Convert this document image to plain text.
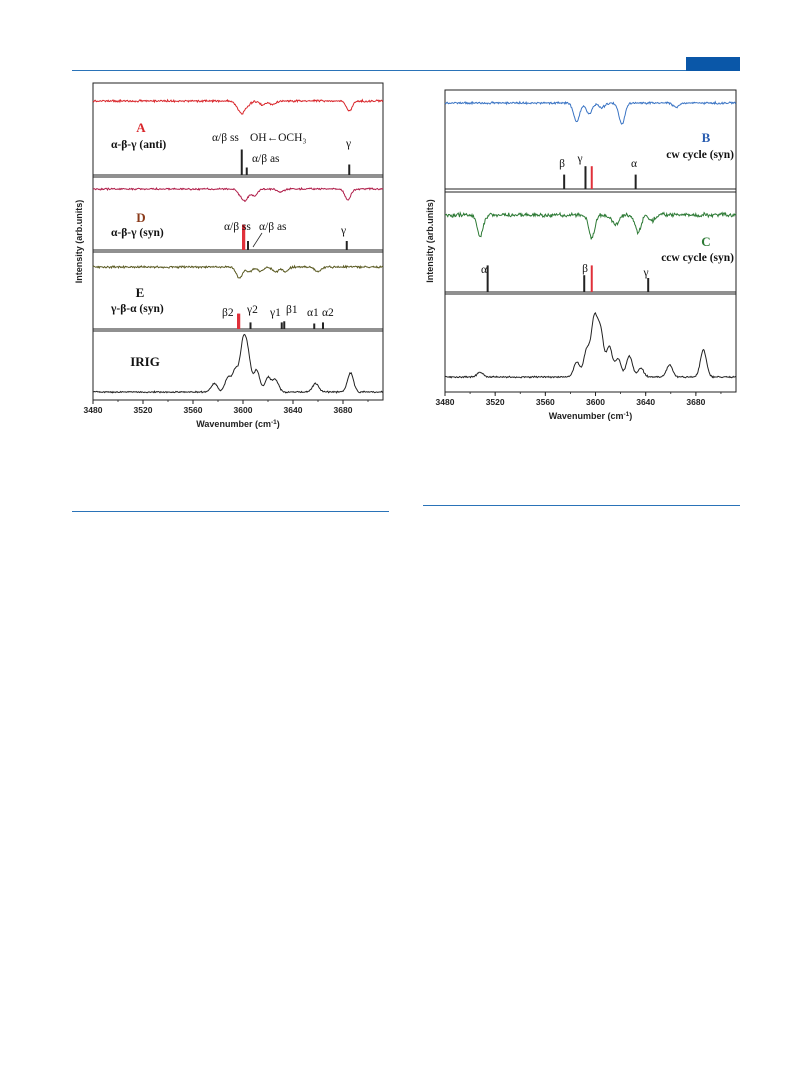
3480	3520	3560	3600	3640	3680
Wavenumber $(cm^{-1})$
Intensity (arb.units)
A
α-β-γ (anti)
α/β ss OH←OCH₃
α/β as
γ
D
α-β-γ (syn)	α/β ss α/β as	γ
E
γ-β-α (syn)	β2 γ2 γ1 β1 α1 α2
IRIG
3480	3520	3560	3600	3640	3680
Wavenumber $(cm^{-1})$
Intensity (arb.units)
B
cw cycle (syn)
β γ	α
C
ccw cycle (syn)
α	β	γ
